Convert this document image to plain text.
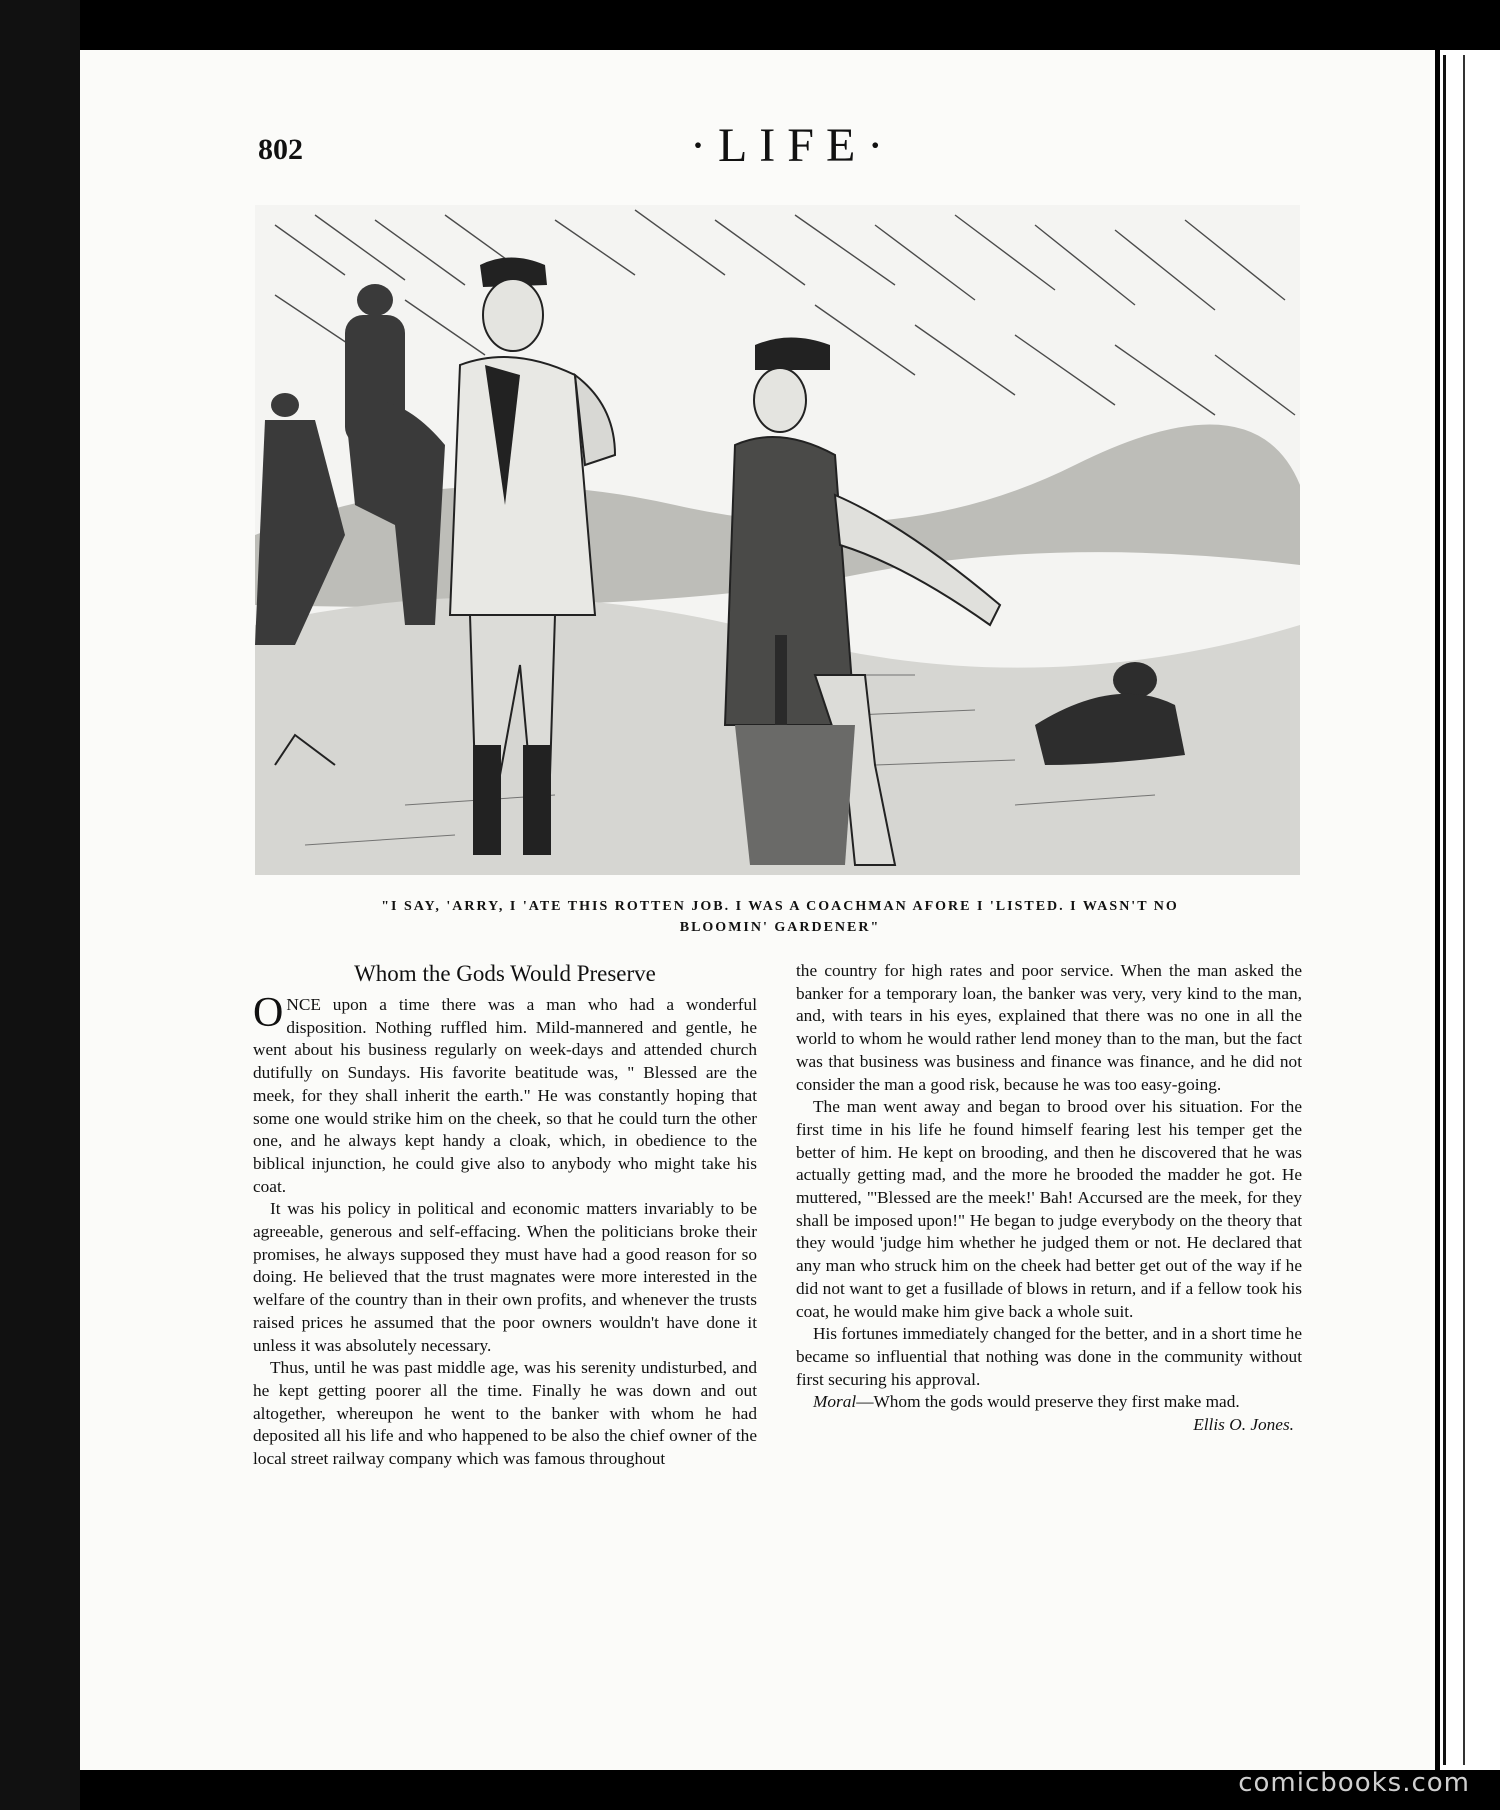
802	·LIFE·
"I SAY, 'ARRY, I 'ATE THIS ROTTEN JOB. I WAS A COACHMAN AFORE I 'LISTED. I WASN'T NO BLOOMIN' GARDENER"
Whom the Gods Would Preserve

ONCE upon a time there was a man who had a wonderful disposition. Nothing ruffled him. Mild-mannered and gentle, he went about his business regularly on week-days and attended church dutifully on Sundays. His favorite beatitude was, " Blessed are the meek, for they shall inherit the earth." He was constantly hoping that some one would strike him on the cheek, so that he could turn the other one, and he always kept handy a cloak, which, in obedience to the biblical injunction, he could give also to anybody who might take his coat.

It was his policy in political and economic matters invariably to be agreeable, generous and self-effacing. When the politicians broke their promises, he always supposed they must have had a good reason for so doing. He believed that the trust magnates were more interested in the welfare of the country than in their own profits, and whenever the trusts raised prices he assumed that the poor owners wouldn't have done it unless it was absolutely necessary.

Thus, until he was past middle age, was his serenity undisturbed, and he kept getting poorer all the time. Finally he was down and out altogether, whereupon he went to the banker with whom he had deposited all his life and who happened to be also the chief owner of the local street railway company which was famous throughout

the country for high rates and poor service. When the man asked the banker for a temporary loan, the banker was very, very kind to the man, and, with tears in his eyes, explained that there was no one in all the world to whom he would rather lend money than to the man, but the fact was that business was business and finance was finance, and he did not consider the man a good risk, because he was too easy-going.

The man went away and began to brood over his situation. For the first time in his life he found himself fearing lest his temper get the better of him. He kept on brooding, and then he discovered that he was actually getting mad, and the more he brooded the madder he got. He muttered, "'Blessed are the meek!' Bah! Accursed are the meek, for they shall be imposed upon!" He began to judge everybody on the theory that they would 'judge him whether he judged them or not. He declared that any man who struck him on the cheek had better get out of the way if he did not want to get a fusillade of blows in return, and if a fellow took his coat, he would make him give back a whole suit.

His fortunes immediately changed for the better, and in a short time he became so influential that nothing was done in the community without first securing his approval.

Moral—Whom the gods would preserve they first make mad.
Ellis O. Jones.

comicbooks.com
